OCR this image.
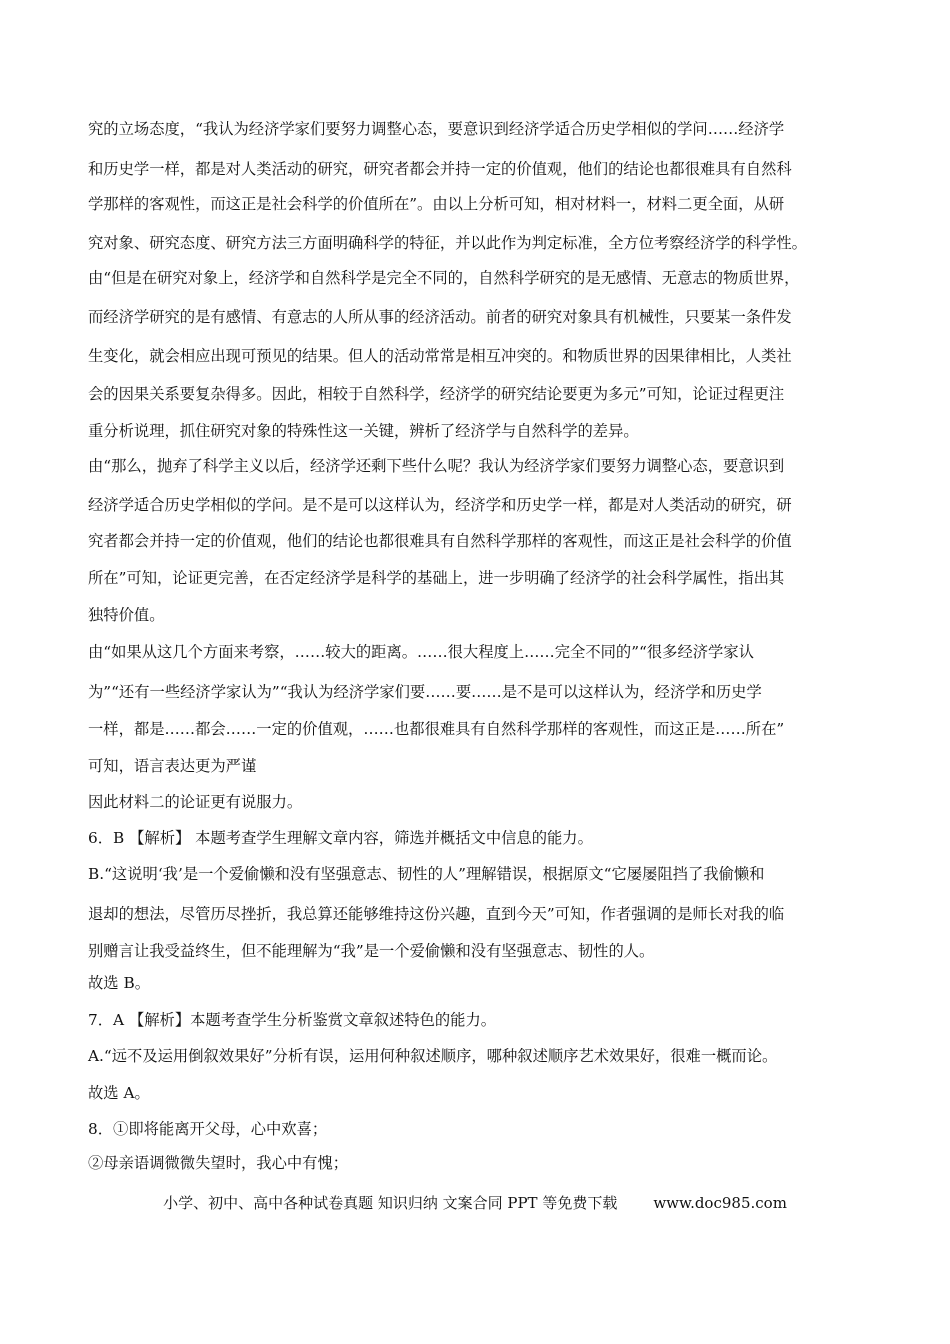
究的立场态度，“我认为经济学家们要努力调整心态，要意识到经济学适合历史学相似的学问……经济学
和历史学一样，都是对人类活动的研究，研究者都会并持一定的价值观，他们的结论也都很难具有自然科
学那样的客观性，而这正是社会科学的价值所在”。由以上分析可知，相对材料一，材料二更全面，从研
究对象、研究态度、研究方法三方面明确科学的特征，并以此作为判定标准，全方位考察经济学的科学性。
由“但是在研究对象上，经济学和自然科学是完全不同的，自然科学研究的是无感情、无意志的物质世界，
而经济学研究的是有感情、有意志的人所从事的经济活动。前者的研究对象具有机械性，只要某一条件发
生变化，就会相应出现可预见的结果。但人的活动常常是相互冲突的。和物质世界的因果律相比，人类社
会的因果关系要复杂得多。因此，相较于自然科学，经济学的研究结论要更为多元”可知，论证过程更注
重分析说理，抓住研究对象的特殊性这一关键，辨析了经济学与自然科学的差异。
由“那么，抛弃了科学主义以后，经济学还剩下些什么呢？我认为经济学家们要努力调整心态，要意识到
经济学适合历史学相似的学问。是不是可以这样认为，经济学和历史学一样，都是对人类活动的研究，研
究者都会并持一定的价值观，他们的结论也都很难具有自然科学那样的客观性，而这正是社会科学的价值
所在”可知，论证更完善，在否定经济学是科学的基础上，进一步明确了经济学的社会科学属性，指出其
独特价值。
由“如果从这几个方面来考察，……较大的距离。……很大程度上……完全不同的”“很多经济学家认
为”“还有一些经济学家认为”“我认为经济学家们要……要……是不是可以这样认为，经济学和历史学
一样，都是……都会……一定的价值观，……也都很难具有自然科学那样的客观性，而这正是……所在”
可知，语言表达更为严谨
因此材料二的论证更有说服力。
6．B 【解析】 本题考查学生理解文章内容，筛选并概括文中信息的能力。
B.“这说明‘我’是一个爱偷懒和没有坚强意志、韧性的人”理解错误，根据原文“它屡屡阻挡了我偷懒和
退却的想法，尽管历尽挫折，我总算还能够维持这份兴趣，直到今天”可知，作者强调的是师长对我的临
别赠言让我受益终生，但不能理解为“我”是一个爱偷懒和没有坚强意志、韧性的人。
故选 B。
7．A 【解析】本题考查学生分析鉴赏文章叙述特色的能力。
A.“远不及运用倒叙效果好”分析有误，运用何种叙述顺序，哪种叙述顺序艺术效果好，很难一概而论。
故选 A。
8．①即将能离开父母，心中欢喜；
②母亲语调微微失望时，我心中有愧；
小学、初中、高中各种试卷真题 知识归纳 文案合同 PPT 等免费下载 www.doc985.com
